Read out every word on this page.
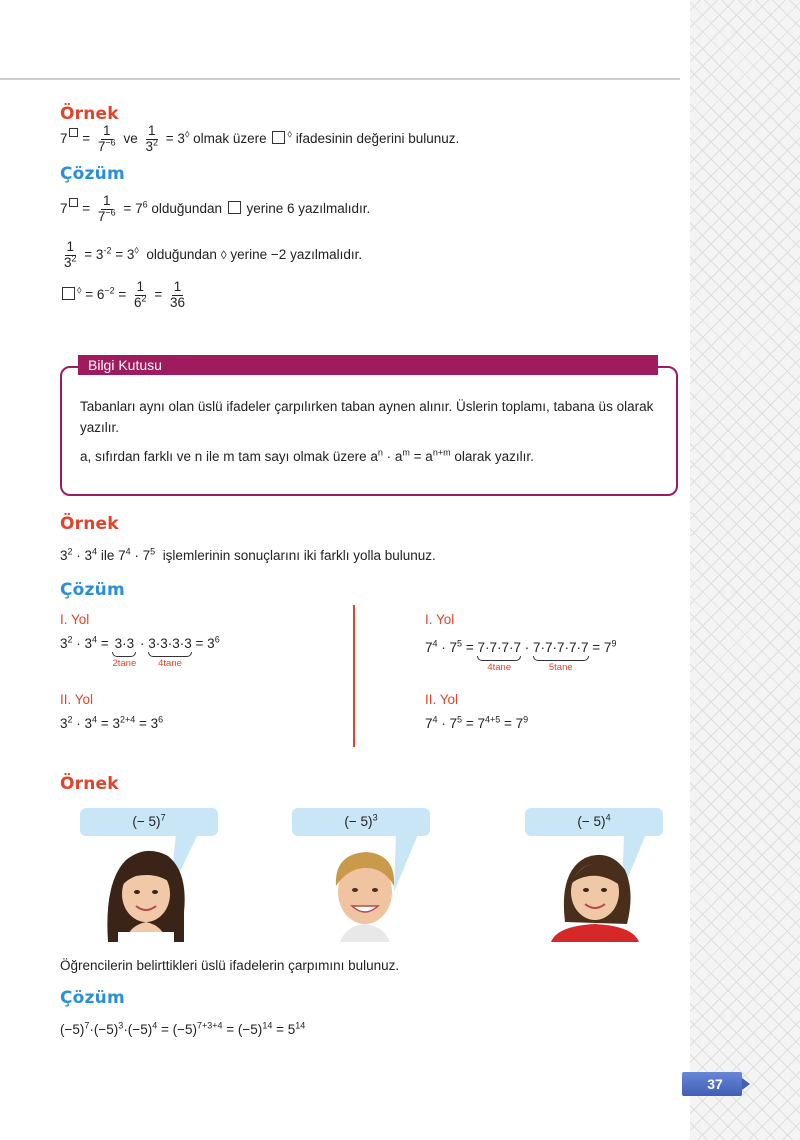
Örnek
$7 = \frac{1}{7^{-6}}$ ve $\frac{1}{3^2} = 3^◊$ olmak üzere ◊ ifadesinin değerini bulunuz.
Çözüm
$7 = \frac{1}{7^{-6}} = 7^6$ olduğundan yerine 6 yazılmalıdır.
$\frac{1}{3^2} = 3^{-2} = 3^◊$ olduğundan ◊ yerine −2 yazılmalıdır.
$^◊ = 6^{-2} = \frac{1}{6^2} = \frac{1}{36}$
Bilgi Kutusu
Tabanları aynı olan üslü ifadeler çarpılırken taban aynen alınır. Üslerin toplamı, tabana üs olarak yazılır.
a, sıfırdan farklı ve n ile m tam sayı olmak üzere $a^n \cdot a^m = a^{n+m}$ olarak yazılır.
Örnek
$3^2 \cdot 3^4$ ile $7^4 \cdot 7^5$ işlemlerinin sonuçlarını iki farklı yolla bulunuz.
Çözüm
I. Yol
$3^2 \cdot 3^4 = 3\cdot 3$
2tane
· 3·3·3·3
4tane
= $3^6$
II. Yol
$3^2 \cdot 3^4 = 3^{2+4} = 3^6$
I. Yol
$7^4 \cdot 7^5 = 7\cdot 7\cdot 7\cdot 7$
4tane
· 7·7·7·7·7
5tane
= $7^9$
II. Yol
$7^4 \cdot 7^5 = 7^{4+5} = 7^9$
Örnek
(− 5)$^7$	(− 5)$^3$	(− 5)$^4$
Öğrencilerin belirttikleri üslü ifadelerin çarpımını bulunuz.
Çözüm
$(-5)^7\cdot(-5)^3\cdot(-5)^4 = (-5)^{7+3+4} = (-5)^{14} = 5^{14}$
37
